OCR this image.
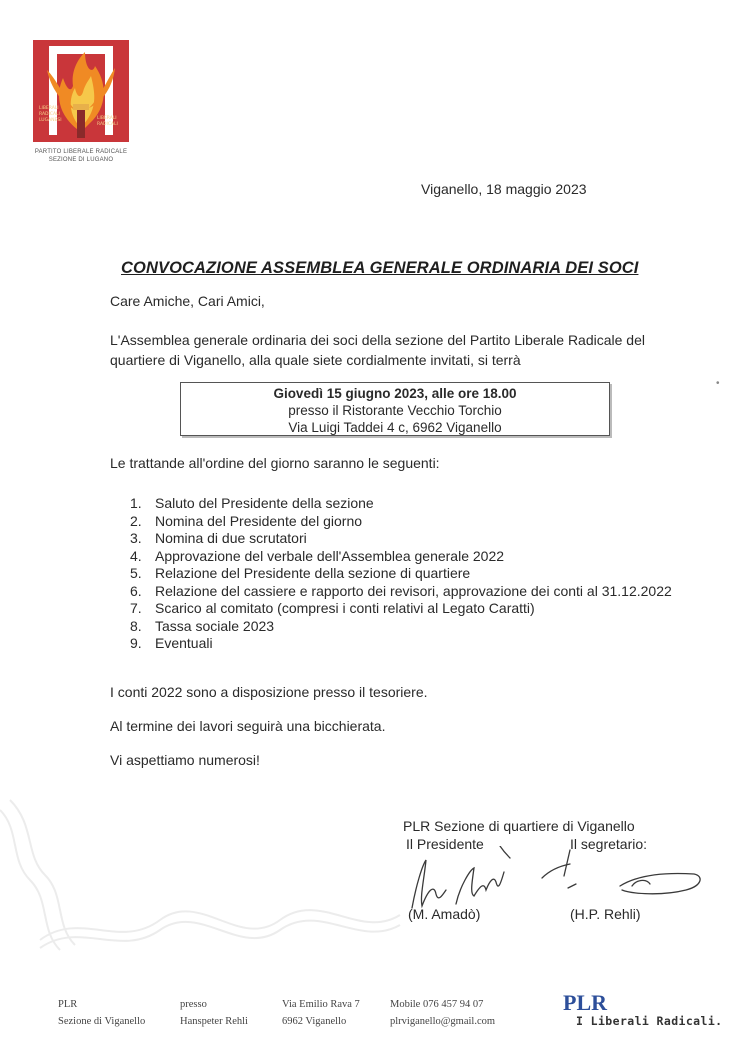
LIBERALI RADICALI LUGANESI	LIBERALI RADICALI
PARTITO LIBERALE RADICALE
SEZIONE DI LUGANO
Viganello, 18 maggio 2023
CONVOCAZIONE ASSEMBLEA GENERALE ORDINARIA DEI SOCI
Care Amiche, Cari Amici,
L'Assemblea generale ordinaria dei soci della sezione del Partito Liberale Radicale del quartiere di Viganello, alla quale siete cordialmente invitati, si terrà
Giovedì 15 giugno 2023, alle ore 18.00
presso il Ristorante Vecchio Torchio
Via Luigi Taddei 4 c, 6962 Viganello
Le trattande all'ordine del giorno saranno le seguenti:
1. Saluto del Presidente della sezione
2. Nomina del Presidente del giorno
3. Nomina di due scrutatori
4. Approvazione del verbale dell'Assemblea generale 2022
5. Relazione del Presidente della sezione di quartiere
6. Relazione del cassiere e rapporto dei revisori, approvazione dei conti al 31.12.2022
7. Scarico al comitato (compresi i conti relativi al Legato Caratti)
8. Tassa sociale 2023
9. Eventuali
I conti 2022 sono a disposizione presso il tesoriere.
Al termine dei lavori seguirà una bicchierata.
Vi aspettiamo numerosi!
PLR Sezione di quartiere di Viganello
Il Presidente	Il segretario:
(M. Amadò)	(H.P. Rehli)
PLR
Sezione di Viganello
presso
Hanspeter Rehli
Via Emilio Rava 7
6962 Viganello
Mobile 076 457 94 07
plrviganello@gmail.com
PLR
I Liberali Radicali.
•
